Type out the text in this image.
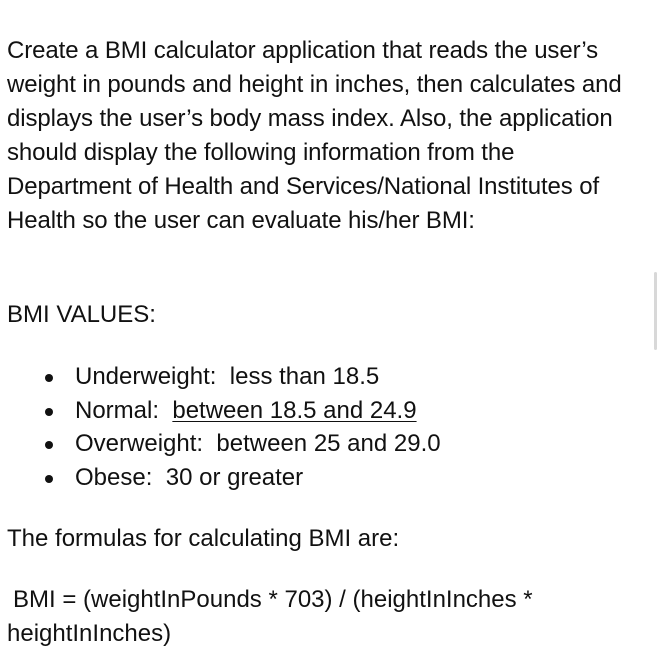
Create a BMI calculator application that reads the user’s weight in pounds and height in inches, then calculates and displays the user’s body mass index. Also, the application should display the following information from the Department of Health and Services/National Institutes of Health so the user can evaluate his/her BMI:

BMI VALUES:

Underweight: less than 18.5
Normal: between 18.5 and 24.9
Overweight: between 25 and 29.0
Obese: 30 or greater

The formulas for calculating BMI are:

BMI = (weightInPounds * 703) / (heightInInches * heightInInches)
